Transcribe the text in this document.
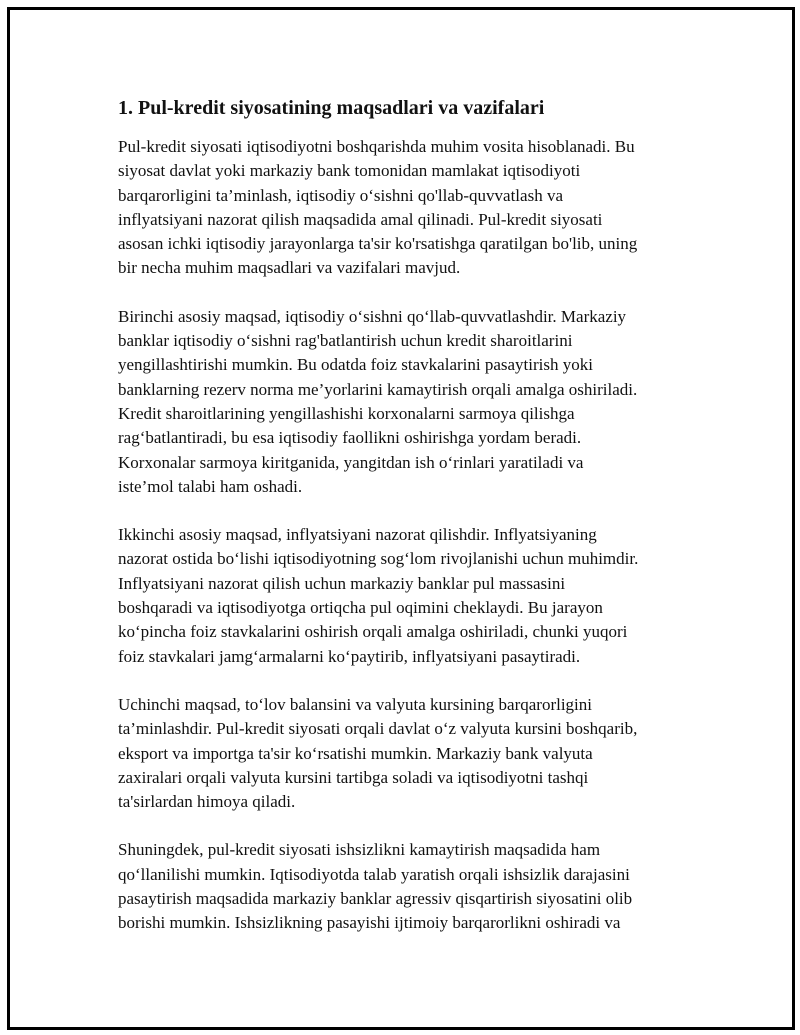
1. Pul-kredit siyosatining maqsadlari va vazifalari

Pul-kredit siyosati iqtisodiyotni boshqarishda muhim vosita hisoblanadi. Bu
siyosat davlat yoki markaziy bank tomonidan mamlakat iqtisodiyoti
barqarorligini ta’minlash, iqtisodiy o‘sishni qo'llab-quvvatlash va
inflyatsiyani nazorat qilish maqsadida amal qilinadi. Pul-kredit siyosati
asosan ichki iqtisodiy jarayonlarga ta'sir ko'rsatishga qaratilgan bo'lib, uning
bir necha muhim maqsadlari va vazifalari mavjud.

Birinchi asosiy maqsad, iqtisodiy o‘sishni qo‘llab-quvvatlashdir. Markaziy
banklar iqtisodiy o‘sishni rag'batlantirish uchun kredit sharoitlarini
yengillashtirishi mumkin. Bu odatda foiz stavkalarini pasaytirish yoki
banklarning rezerv norma me’yorlarini kamaytirish orqali amalga oshiriladi.
Kredit sharoitlarining yengillashishi korxonalarni sarmoya qilishga
rag‘batlantiradi, bu esa iqtisodiy faollikni oshirishga yordam beradi.
Korxonalar sarmoya kiritganida, yangitdan ish o‘rinlari yaratiladi va
iste’mol talabi ham oshadi.

Ikkinchi asosiy maqsad, inflyatsiyani nazorat qilishdir. Inflyatsiyaning
nazorat ostida bo‘lishi iqtisodiyotning sog‘lom rivojlanishi uchun muhimdir.
Inflyatsiyani nazorat qilish uchun markaziy banklar pul massasini
boshqaradi va iqtisodiyotga ortiqcha pul oqimini cheklaydi. Bu jarayon
ko‘pincha foiz stavkalarini oshirish orqali amalga oshiriladi, chunki yuqori
foiz stavkalari jamg‘armalarni ko‘paytirib, inflyatsiyani pasaytiradi.

Uchinchi maqsad, to‘lov balansini va valyuta kursining barqarorligini
ta’minlashdir. Pul-kredit siyosati orqali davlat o‘z valyuta kursini boshqarib,
eksport va importga ta'sir ko‘rsatishi mumkin. Markaziy bank valyuta
zaxiralari orqali valyuta kursini tartibga soladi va iqtisodiyotni tashqi
ta'sirlardan himoya qiladi.

Shuningdek, pul-kredit siyosati ishsizlikni kamaytirish maqsadida ham
qo‘llanilishi mumkin. Iqtisodiyotda talab yaratish orqali ishsizlik darajasini
pasaytirish maqsadida markaziy banklar agressiv qisqartirish siyosatini olib
borishi mumkin. Ishsizlikning pasayishi ijtimoiy barqarorlikni oshiradi va
